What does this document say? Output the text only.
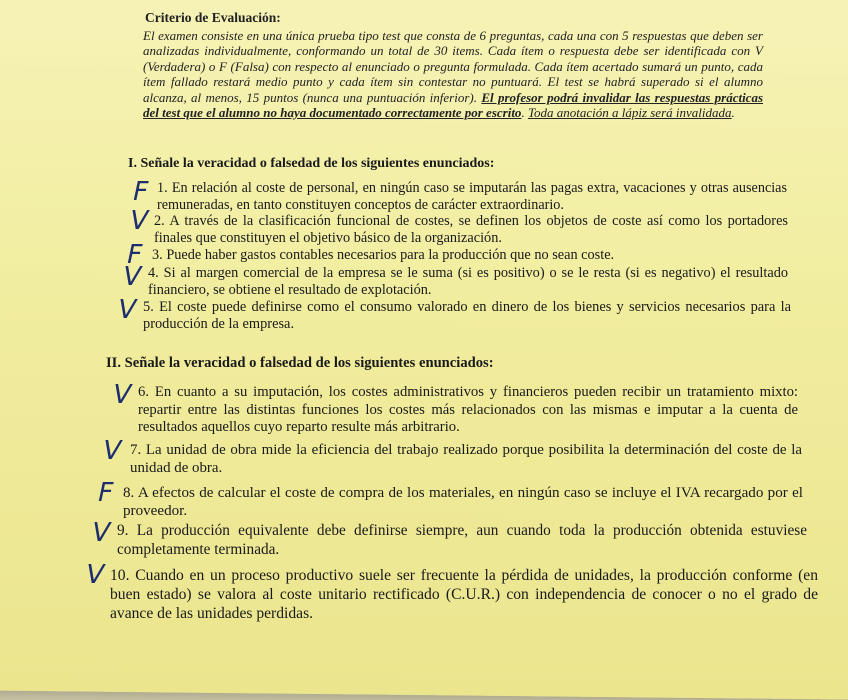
Criterio de Evaluación:

El examen consiste en una única prueba tipo test que consta de 6 preguntas, cada una con 5 respuestas que deben ser analizadas individualmente, conformando un total de 30 items. Cada ítem o respuesta debe ser identificada con V (Verdadera) o F (Falsa) con respecto al enunciado o pregunta formulada. Cada ítem acertado sumará un punto, cada ítem fallado restará medio punto y cada ítem sin contestar no puntuará. El test se habrá superado si el alumno alcanza, al menos, 15 puntos (nunca una puntuación inferior). El profesor podrá invalidar las respuestas prácticas del test que el alumno no haya documentado correctamente por escrito. Toda anotación a lápiz será invalidada.

I. Señale la veracidad o falsedad de los siguientes enunciados:

F 1. En relación al coste de personal, en ningún caso se imputarán las pagas extra, vacaciones y otras ausencias remuneradas, en tanto constituyen conceptos de carácter extraordinario.

V 2. A través de la clasificación funcional de costes, se definen los objetos de coste así como los portadores finales que constituyen el objetivo básico de la organización.

F 3. Puede haber gastos contables necesarios para la producción que no sean coste.

V 4. Si al margen comercial de la empresa se le suma (si es positivo) o se le resta (si es negativo) el resultado financiero, se obtiene el resultado de explotación.

V 5. El coste puede definirse como el consumo valorado en dinero de los bienes y servicios necesarios para la producción de la empresa.

II. Señale la veracidad o falsedad de los siguientes enunciados:

V 6. En cuanto a su imputación, los costes administrativos y financieros pueden recibir un tratamiento mixto: repartir entre las distintas funciones los costes más relacionados con las mismas e imputar a la cuenta de resultados aquellos cuyo reparto resulte más arbitrario.

V 7. La unidad de obra mide la eficiencia del trabajo realizado porque posibilita la determinación del coste de la unidad de obra.

F 8. A efectos de calcular el coste de compra de los materiales, en ningún caso se incluye el IVA recargado por el proveedor.

V 9. La producción equivalente debe definirse siempre, aun cuando toda la producción obtenida estuviese completamente terminada.

V 10. Cuando en un proceso productivo suele ser frecuente la pérdida de unidades, la producción conforme (en buen estado) se valora al coste unitario rectificado (C.U.R.) con independencia de conocer o no el grado de avance de las unidades perdidas.
